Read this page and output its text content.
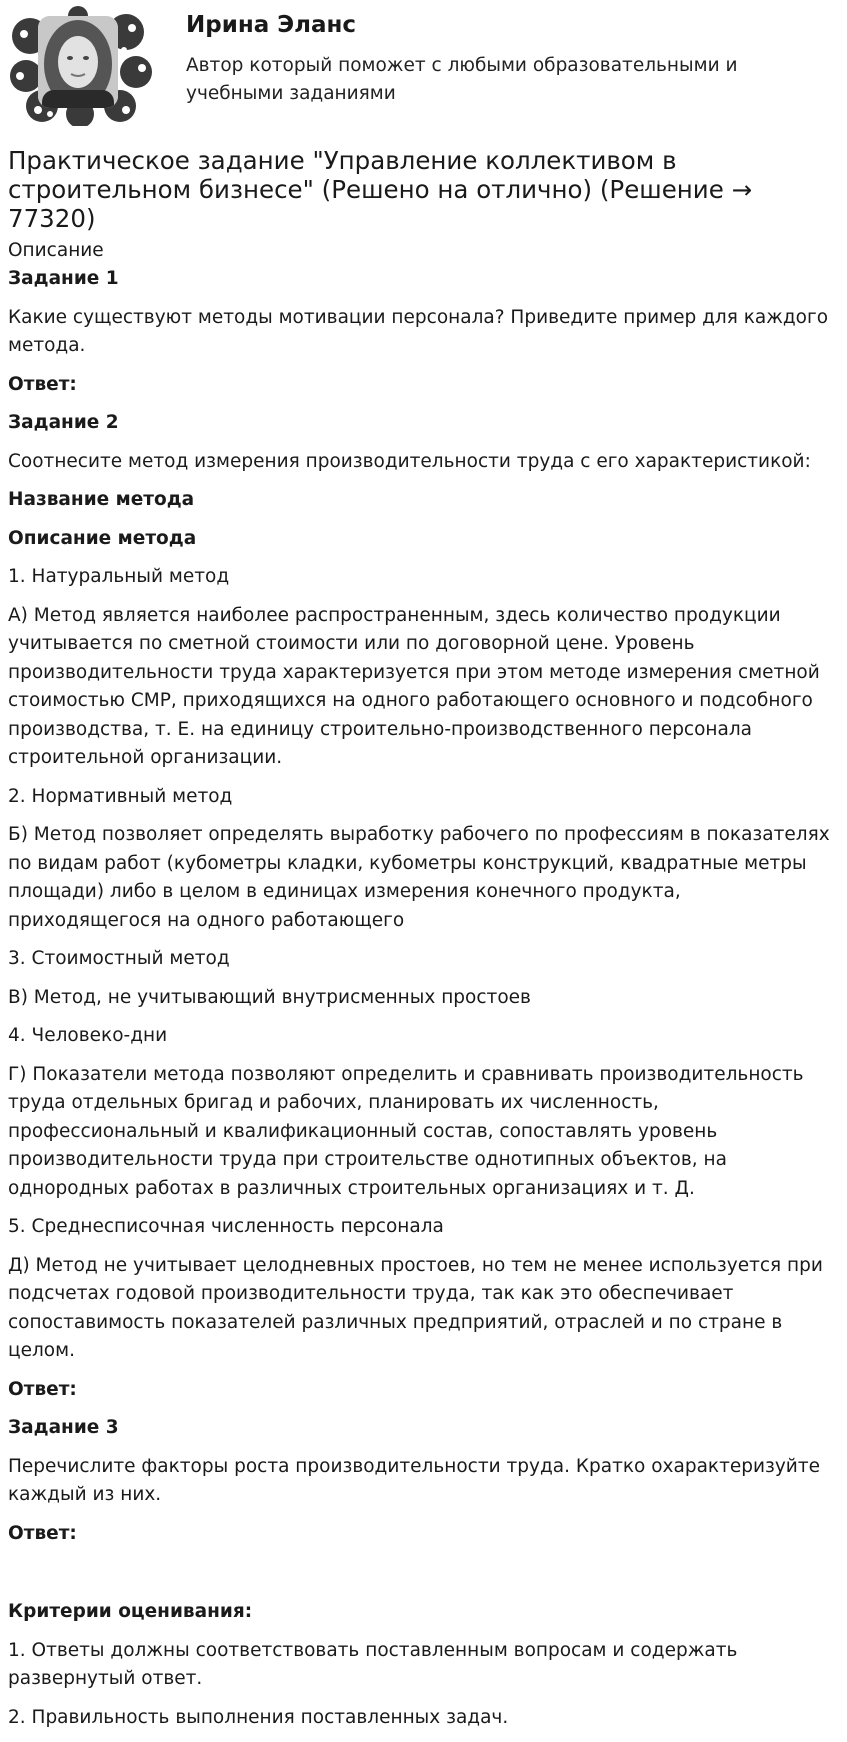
Ирина Эланс
Автор который поможет с любыми образовательными и учебными заданиями
Практическое задание "Управление коллективом в строительном бизнесе" (Решено на отлично) (Решение → 77320)

Описание

Задание 1

Какие существуют методы мотивации персонала? Приведите пример для каждого метода.

Ответ:
Задание 2

Соотнесите метод измерения производительности труда с его характеристикой:

Название метода
Описание метода

1. Натуральный метод

А) Метод является наиболее распространенным, здесь количество продукции учитывается по сметной стоимости или по договорной цене. Уровень производительности труда характеризуется при этом методе измерения сметной стоимостью СМР, приходящихся на одного работающего основного и подсобного производства, т. Е. на единицу строительно-производственного персонала строительной организации.

2. Нормативный метод

Б) Метод позволяет определять выработку рабочего по профессиям в показателях по видам работ (кубометры кладки, кубометры конструкций, квадратные метры площади) либо в целом в единицах измерения конечного продукта, приходящегося на одного работающего

3. Стоимостный метод

В) Метод, не учитывающий внутрисменных простоев

4. Человеко-дни

Г) Показатели метода позволяют определить и сравнивать производительность труда отдельных бригад и рабочих, планировать их численность, профессиональный и квалификационный состав, сопоставлять уровень производительности труда при строительстве однотипных объектов, на однородных работах в различных строительных организациях и т. Д.

5. Среднесписочная численность персонала

Д) Метод не учитывает целодневных простоев, но тем не менее используется при подсчетах годовой производительности труда, так как это обеспечивает сопоставимость показателей различных предприятий, отраслей и по стране в целом.

Ответ:
Задание 3

Перечислите факторы роста производительности труда. Кратко охарактеризуйте каждый из них.

Ответ:
Критерии оценивания:

1. Ответы должны соответствовать поставленным вопросам и содержать развернутый ответ.

2. Правильность выполнения поставленных задач.
